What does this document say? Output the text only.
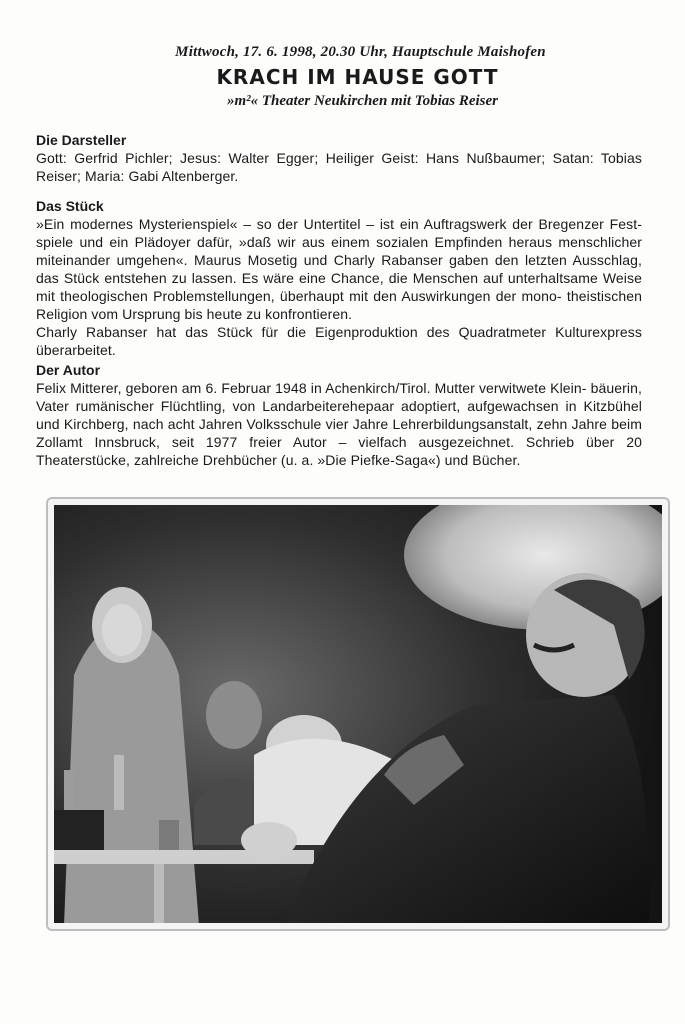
Mittwoch, 17. 6. 1998, 20.30 Uhr, Hauptschule Maishofen

KRACH IM HAUSE GOTT

»m²« Theater Neukirchen mit Tobias Reiser

Die Darsteller

Gott: Gerfrid Pichler; Jesus: Walter Egger; Heiliger Geist: Hans Nußbaumer; Satan: Tobias Reiser; Maria: Gabi Altenberger.

Das Stück

»Ein modernes Mysterienspiel« – so der Untertitel – ist ein Auftragswerk der Bregenzer Fest- spiele und ein Plädoyer dafür, »daß wir aus einem sozialen Empfinden heraus menschlicher miteinander umgehen«. Maurus Mosetig und Charly Rabanser gaben den letzten Ausschlag, das Stück entstehen zu lassen. Es wäre eine Chance, die Menschen auf unterhaltsame Weise mit theologischen Problemstellungen, überhaupt mit den Auswirkungen der mono- theistischen Religion vom Ursprung bis heute zu konfrontieren.
Charly Rabanser hat das Stück für die Eigenproduktion des Quadratmeter Kulturexpress überarbeitet.

Der Autor

Felix Mitterer, geboren am 6. Februar 1948 in Achenkirch/Tirol. Mutter verwitwete Klein- bäuerin, Vater rumänischer Flüchtling, von Landarbeiterehepaar adoptiert, aufgewachsen in Kitzbühel und Kirchberg, nach acht Jahren Volksschule vier Jahre Lehrerbildungsanstalt, zehn Jahre beim Zollamt Innsbruck, seit 1977 freier Autor – vielfach ausgezeichnet. Schrieb über 20 Theaterstücke, zahlreiche Drehbücher (u. a. »Die Piefke-Saga«) und Bücher.
